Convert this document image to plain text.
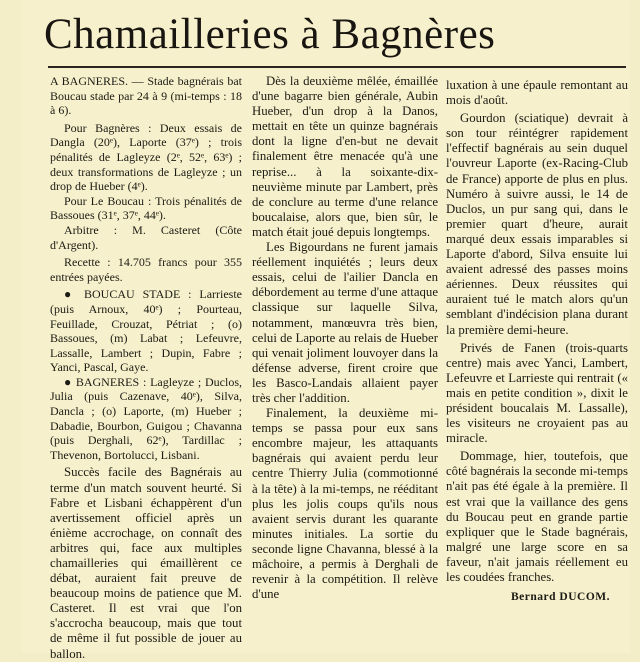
Chamailleries à Bagnères

A BAGNERES. — Stade bagnérais bat Boucau stade par 24 à 9 (mi-temps : 18 à 6).

Pour Bagnères : Deux essais de Dangla (20ᵉ), Laporte (37ᵉ) ; trois pénalités de Lagleyze (2ᵉ, 52ᵉ, 63ᵉ) ; deux transformations de Lagleyze ; un drop de Hueber (4ᵉ).

Pour Le Boucau : Trois pénalités de Bassoues (31ᵉ, 37ᵉ, 44ᵉ).

Arbitre : M. Casteret (Côte d'Argent).

Recette : 14.705 francs pour 355 entrées payées.

● BOUCAU STADE : Larrieste (puis Arnoux, 40ᵉ) ; Pourteau, Feuillade, Crouzat, Pétriat ; (o) Bassoues, (m) Labat ; Lefeuvre, Lassalle, Lambert ; Dupin, Fabre ; Yanci, Pascal, Gaye.

● BAGNERES : Lagleyze ; Duclos, Julia (puis Cazenave, 40ᵉ), Silva, Dancla ; (o) Laporte, (m) Hueber ; Dabadie, Bourbon, Guigou ; Chavanna (puis Derghali, 62ᵉ), Tardillac ; Thevenon, Bortolucci, Lisbani.

Succès facile des Bagnérais au terme d'un match souvent heurté. Si Fabre et Lisbani échappèrent d'un avertissement officiel après un énième accrochage, on connaît des arbitres qui, face aux multiples chamailleries qui émaillèrent ce débat, auraient fait preuve de beaucoup moins de patience que M. Casteret. Il est vrai que l'on s'accrocha beaucoup, mais que tout de même il fut possible de jouer au ballon.

Dès la deuxième mêlée, émaillée d'une bagarre bien générale, Aubin Hueber, d'un drop à la Danos, mettait en tête un quinze bagnérais dont la ligne d'en-but ne devait finalement être menacée qu'à une reprise... à la soixante-dix-neuvième minute par Lambert, près de conclure au terme d'une relance boucalaise, alors que, bien sûr, le match était joué depuis longtemps.

Les Bigourdans ne furent jamais réellement inquiétés ; leurs deux essais, celui de l'ailier Dancla en débordement au terme d'une attaque classique sur laquelle Silva, notamment, manœuvra très bien, celui de Laporte au relais de Hueber qui venait joliment louvoyer dans la défense adverse, firent croire que les Basco-Landais allaient payer très cher l'addition.

Finalement, la deuxième mi-temps se passa pour eux sans encombre majeur, les attaquants bagnérais qui avaient perdu leur centre Thierry Julia (commotionné à la tête) à la mi-temps, ne rééditant plus les jolis coups qu'ils nous avaient servis durant les quarante minutes initiales. La sortie du seconde ligne Chavanna, blessé à la mâchoire, a permis à Derghali de revenir à la compétition. Il relève d'une

luxation à une épaule remontant au mois d'août.

Gourdon (sciatique) devrait à son tour réintégrer rapidement l'effectif bagnérais au sein duquel l'ouvreur Laporte (ex-Racing-Club de France) apporte de plus en plus. Numéro à suivre aussi, le 14 de Duclos, un pur sang qui, dans le premier quart d'heure, aurait marqué deux essais imparables si Laporte d'abord, Silva ensuite lui avaient adressé des passes moins aériennes. Deux réussites qui auraient tué le match alors qu'un semblant d'indécision plana durant la première demi-heure.

Privés de Fanen (trois-quarts centre) mais avec Yanci, Lambert, Lefeuvre et Larrieste qui rentrait (« mais en petite condition », dixit le président boucalais M. Lassalle), les visiteurs ne croyaient pas au miracle.

Dommage, hier, toutefois, que côté bagnérais la seconde mi-temps n'ait pas été égale à la première. Il est vrai que la vaillance des gens du Boucau peut en grande partie expliquer que le Stade bagnérais, malgré une large score en sa faveur, n'ait jamais réellement eu les coudées franches.

Bernard DUCOM.
